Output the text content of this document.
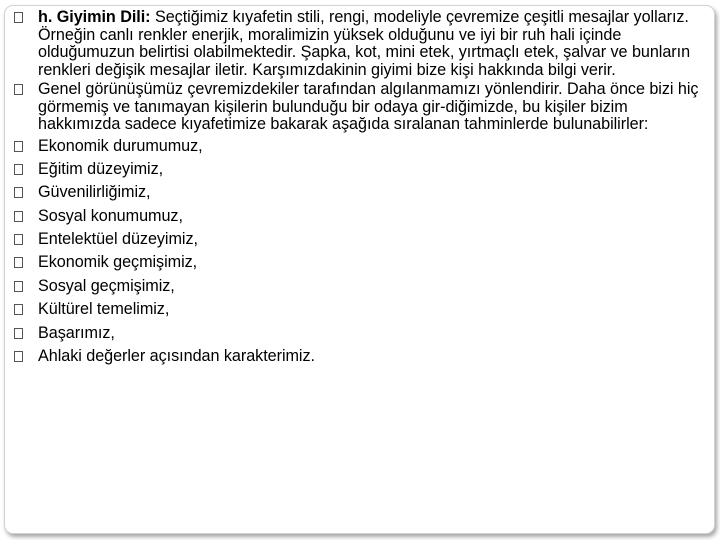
h. Giyimin Dili: Seçtiğimiz kıyafetin stili, rengi, modeliyle çevremize çeşitli mesajlar yollarız. Örneğin canlı renkler enerjik, moralimizin yüksek olduğunu ve iyi bir ruh hali içinde olduğumuzun belirtisi olabilmektedir. Şapka, kot, mini etek, yırtmaçlı etek, şalvar ve bunların renkleri değişik mesajlar iletir. Karşımızdakinin giyimi bize kişi hakkında bilgi verir.
Genel görünüşümüz çevremizdekiler tarafından algılanmamızı yönlendirir. Daha önce bizi hiç görmemiş ve tanımayan kişilerin bulunduğu bir odaya gir-diğimizde, bu kişiler bizim hakkımızda sadece kıyafetimize bakarak aşağıda sıralanan tahminlerde bulunabilirler:
Ekonomik durumumuz,
Eğitim düzeyimiz,
Güvenilirliğimiz,
Sosyal konumumuz,
Entelektüel düzeyimiz,
Ekonomik geçmişimiz,
Sosyal geçmişimiz,
Kültürel temelimiz,
Başarımız,
Ahlaki değerler açısından karakterimiz.
